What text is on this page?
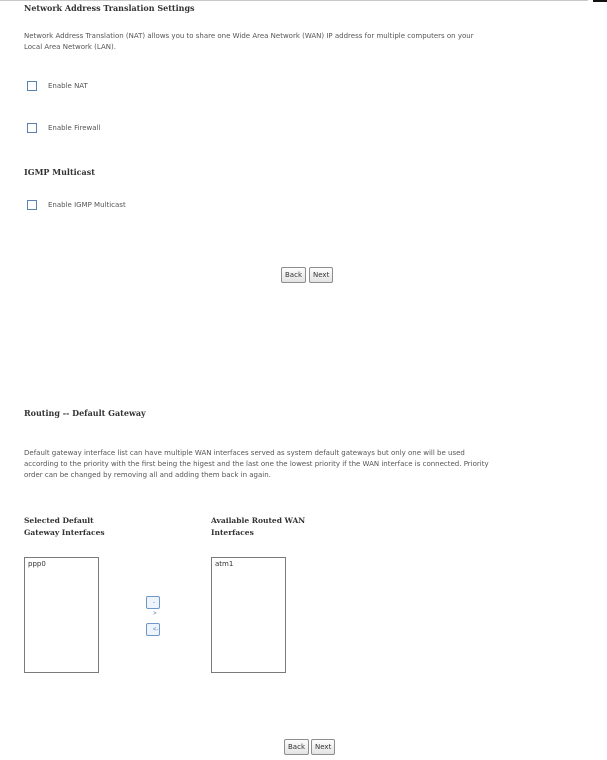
Network Address Translation Settings
Network Address Translation (NAT) allows you to share one Wide Area Network (WAN) IP address for multiple computers on your
Local Area Network (LAN).
Enable NAT
Enable Firewall
IGMP Multicast
Enable IGMP Multicast
Back	Next
Routing -- Default Gateway
Default gateway interface list can have multiple WAN interfaces served as system default gateways but only one will be used
according to the priority with the first being the higest and the last one the lowest priority if the WAN interface is connected. Priority
order can be changed by removing all and adding them back in again.
Selected Default
Gateway Interfaces
Available Routed WAN
Interfaces
ppp0
->
<-
atm1
Back	Next
